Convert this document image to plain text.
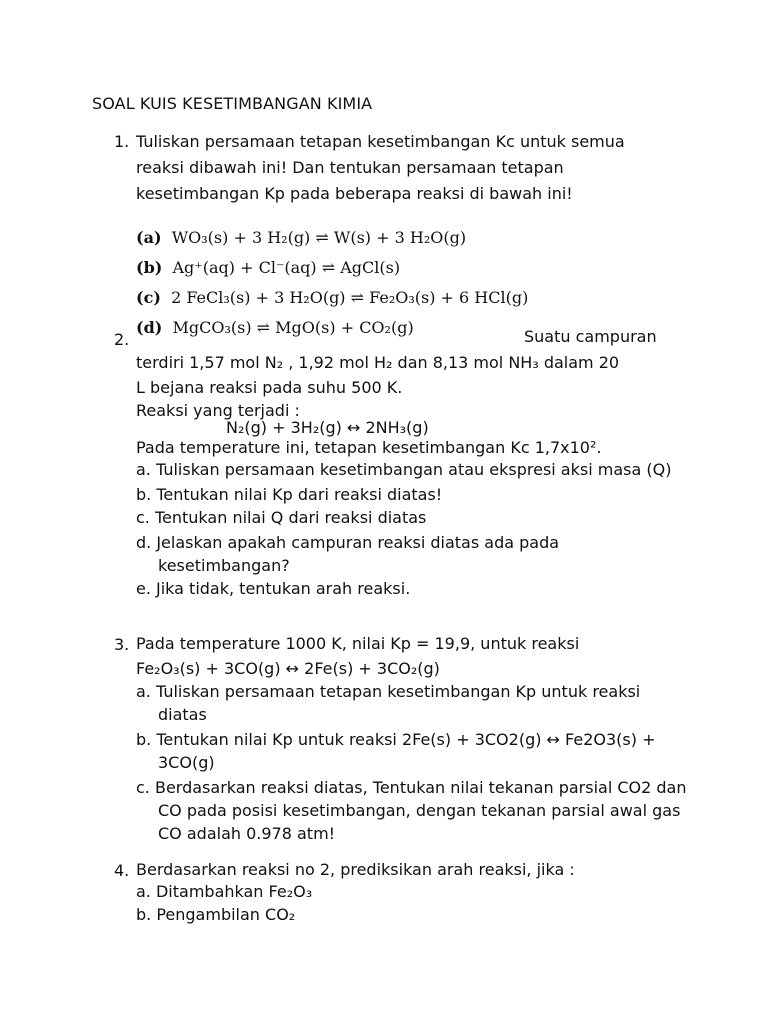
SOAL KUIS KESETIMBANGAN KIMIA
1. Tuliskan persamaan tetapan kesetimbangan Kc untuk semua
reaksi dibawah ini! Dan tentukan persamaan tetapan
kesetimbangan Kp pada beberapa reaksi di bawah ini!
(a) WO₃(s) + 3 H₂(g) ⇌ W(s) + 3 H₂O(g)
(b) Ag⁺(aq) + Cl⁻(aq) ⇌ AgCl(s)
(c) 2 FeCl₃(s) + 3 H₂O(g) ⇌ Fe₂O₃(s) + 6 HCl(g)
(d) MgCO₃(s) ⇌ MgO(s) + CO₂(g)
2.	Suatu campuran
terdiri 1,57 mol N₂ , 1,92 mol H₂ dan 8,13 mol NH₃ dalam 20
L bejana reaksi pada suhu 500 K.
Reaksi yang terjadi :
N₂(g) + 3H₂(g) ↔ 2NH₃(g)
Pada temperature ini, tetapan kesetimbangan Kc 1,7x10².
a. Tuliskan persamaan kesetimbangan atau ekspresi aksi masa (Q)
b. Tentukan nilai Kp dari reaksi diatas!
c. Tentukan nilai Q dari reaksi diatas
d. Jelaskan apakah campuran reaksi diatas ada pada kesetimbangan?
e. Jika tidak, tentukan arah reaksi.
3. Pada temperature 1000 K, nilai Kp = 19,9, untuk reaksi
Fe₂O₃(s) + 3CO(g) ↔ 2Fe(s) + 3CO₂(g)
a. Tuliskan persamaan tetapan kesetimbangan Kp untuk reaksi diatas
b. Tentukan nilai Kp untuk reaksi 2Fe(s) + 3CO2(g) ↔ Fe2O3(s) + 3CO(g)
c. Berdasarkan reaksi diatas, Tentukan nilai tekanan parsial CO2 dan CO pada posisi kesetimbangan, dengan tekanan parsial awal gas CO adalah 0.978 atm!
4. Berdasarkan reaksi no 2, prediksikan arah reaksi, jika :
a. Ditambahkan Fe₂O₃
b. Pengambilan CO₂
